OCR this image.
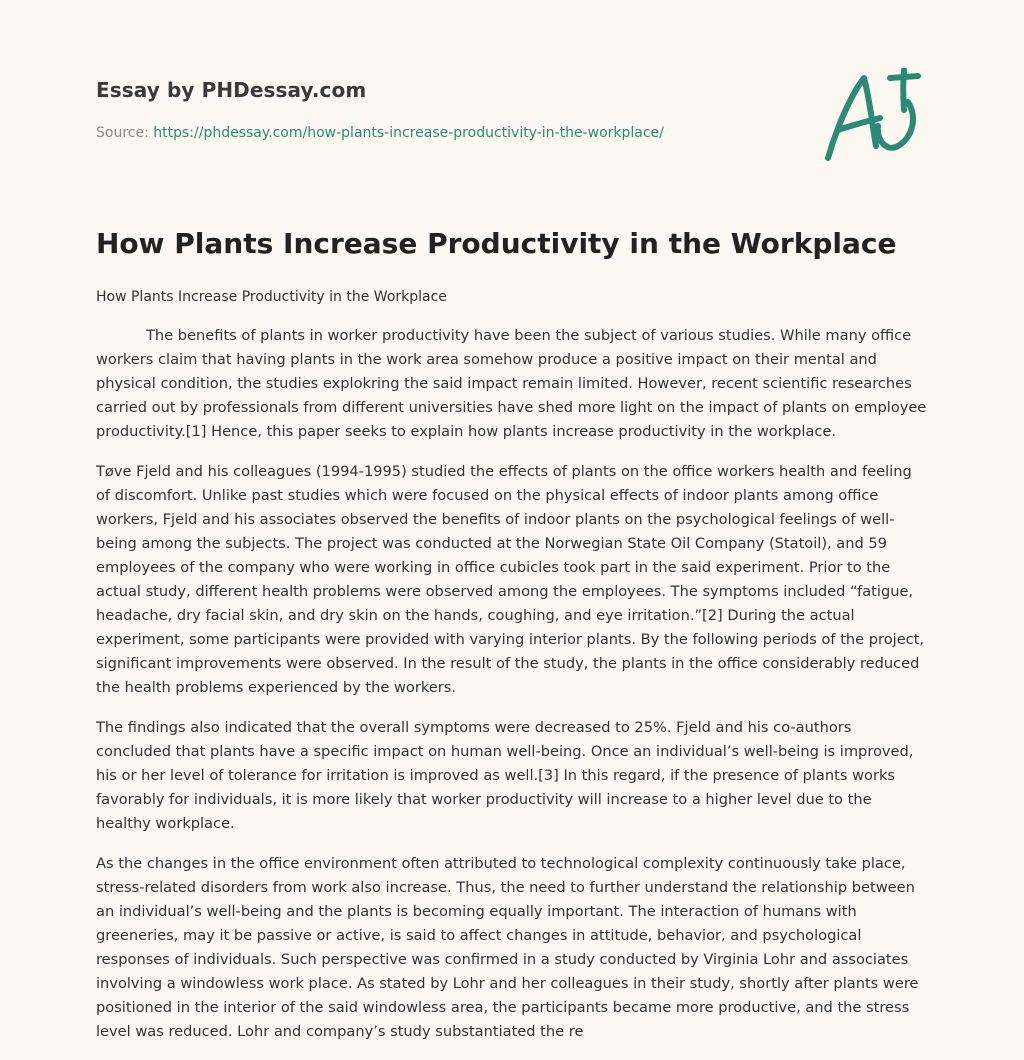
Essay by PHDessay.com
Source: https://phdessay.com/how-plants-increase-productivity-in-the-workplace/
How Plants Increase Productivity in the Workplace
How Plants Increase Productivity in the Workplace

The benefits of plants in worker productivity have been the subject of various studies. While many office workers claim that having plants in the work area somehow produce a positive impact on their mental and physical condition, the studies explokring the said impact remain limited. However, recent scientific researches carried out by professionals from different universities have shed more light on the impact of plants on employee productivity.[1] Hence, this paper seeks to explain how plants increase productivity in the workplace.

Tøve Fjeld and his colleagues (1994-1995) studied the effects of plants on the office workers health and feeling of discomfort. Unlike past studies which were focused on the physical effects of indoor plants among office workers, Fjeld and his associates observed the benefits of indoor plants on the psychological feelings of well-being among the subjects. The project was conducted at the Norwegian State Oil Company (Statoil), and 59 employees of the company who were working in office cubicles took part in the said experiment. Prior to the actual study, different health problems were observed among the employees. The symptoms included “fatigue, headache, dry facial skin, and dry skin on the hands, coughing, and eye irritation.”[2] During the actual experiment, some participants were provided with varying interior plants. By the following periods of the project, significant improvements were observed. In the result of the study, the plants in the office considerably reduced the health problems experienced by the workers.

The findings also indicated that the overall symptoms were decreased to 25%. Fjeld and his co-authors concluded that plants have a specific impact on human well-being. Once an individual’s well-being is improved, his or her level of tolerance for irritation is improved as well.[3] In this regard, if the presence of plants works favorably for individuals, it is more likely that worker productivity will increase to a higher level due to the healthy workplace.

As the changes in the office environment often attributed to technological complexity continuously take place, stress-related disorders from work also increase. Thus, the need to further understand the relationship between an individual’s well-being and the plants is becoming equally important. The interaction of humans with greeneries, may it be passive or active, is said to affect changes in attitude, behavior, and psychological responses of individuals. Such perspective was confirmed in a study conducted by Virginia Lohr and associates involving a windowless work place. As stated by Lohr and her colleagues in their study, shortly after plants were positioned in the interior of the said windowless area, the participants became more productive, and the stress level was reduced. Lohr and company’s study substantiated the re
